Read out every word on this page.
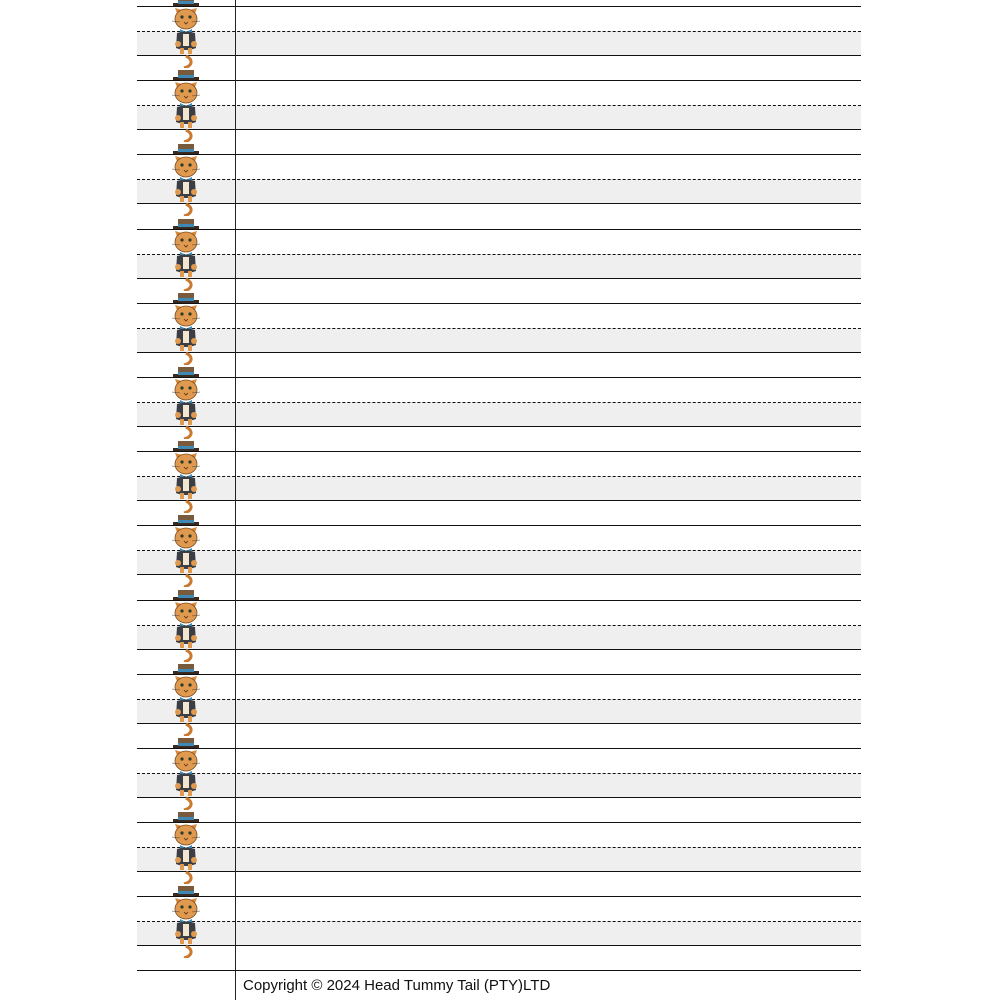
Copyright © 2024 Head Tummy Tail (PTY)LTD
